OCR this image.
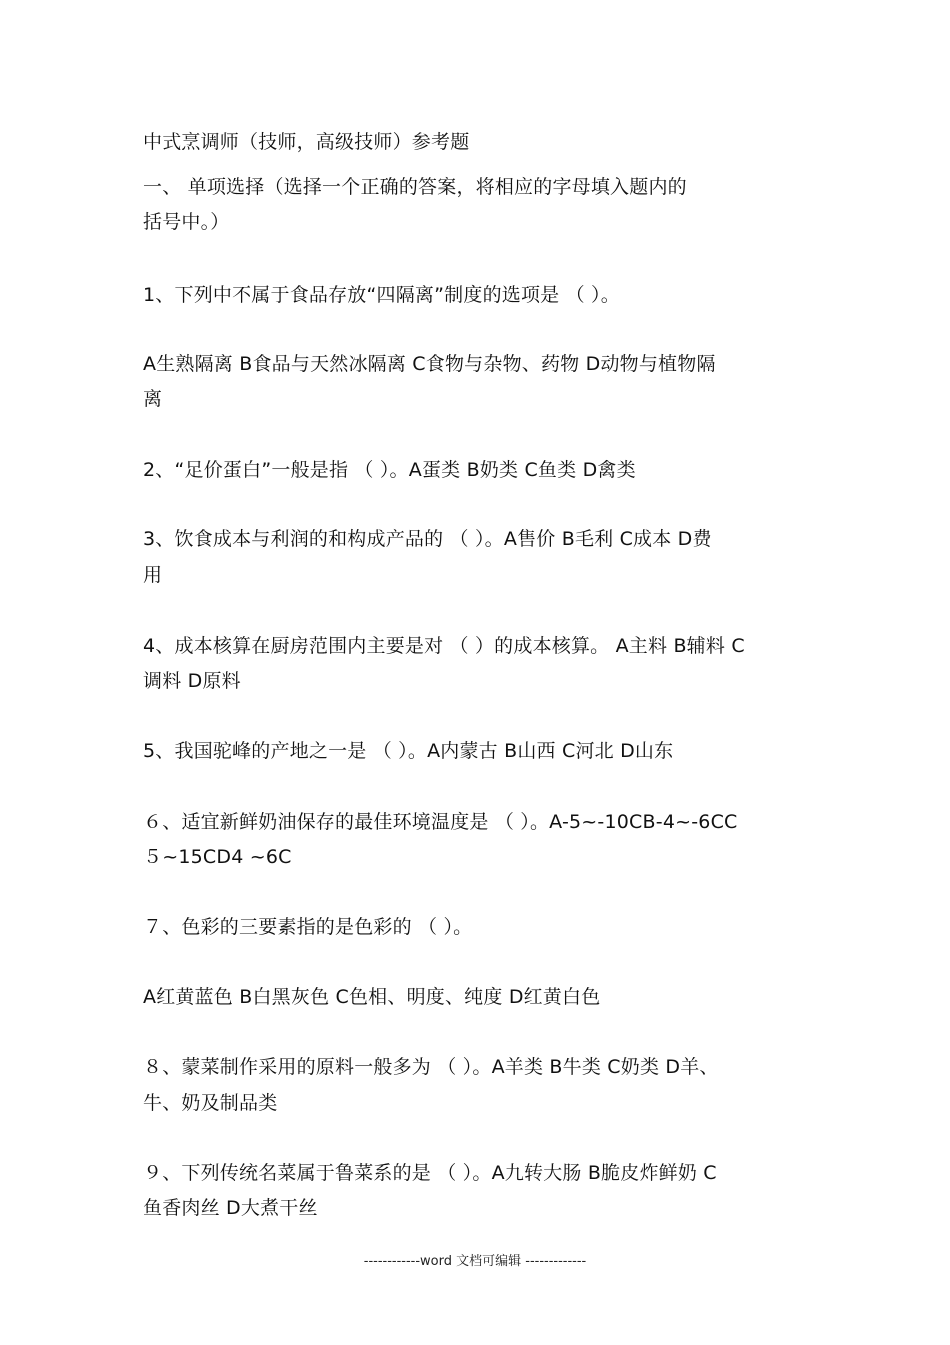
中式烹调师（技师，高级技师）参考题

一、 单项选择（选择一个正确的答案，将相应的字母填入题内的

括号中。）

1、下列中不属于食品存放“四隔离”制度的选项是 （ ）。

A生熟隔离 B食品与天然冰隔离 C食物与杂物、药物 D动物与植物隔

离

2、“足价蛋白”一般是指 （ ）。A蛋类 B奶类 C鱼类 D禽类

3、饮食成本与利润的和构成产品的 （ ）。A售价 B毛利 C成本 D费

用

4、成本核算在厨房范围内主要是对 （ ）的成本核算。 A主料 B辅料 C

调料 D原料

5、我国驼峰的产地之一是 （ ）。A内蒙古 B山西 C河北 D山东

６、适宜新鲜奶油保存的最佳环境温度是 （ ）。A-5~-10CB-4~-6CC

５~15CD4 ~6C

７、色彩的三要素指的是色彩的 （ ）。

A红黄蓝色 B白黑灰色 C色相、明度、纯度 D红黄白色

８、蒙菜制作采用的原料一般多为 （ ）。A羊类 B牛类 C奶类 D羊、

牛、奶及制品类

９、下列传统名菜属于鲁菜系的是 （ ）。A九转大肠 B脆皮炸鲜奶 C

鱼香肉丝 D大煮干丝

------------word 文档可编辑 -------------
